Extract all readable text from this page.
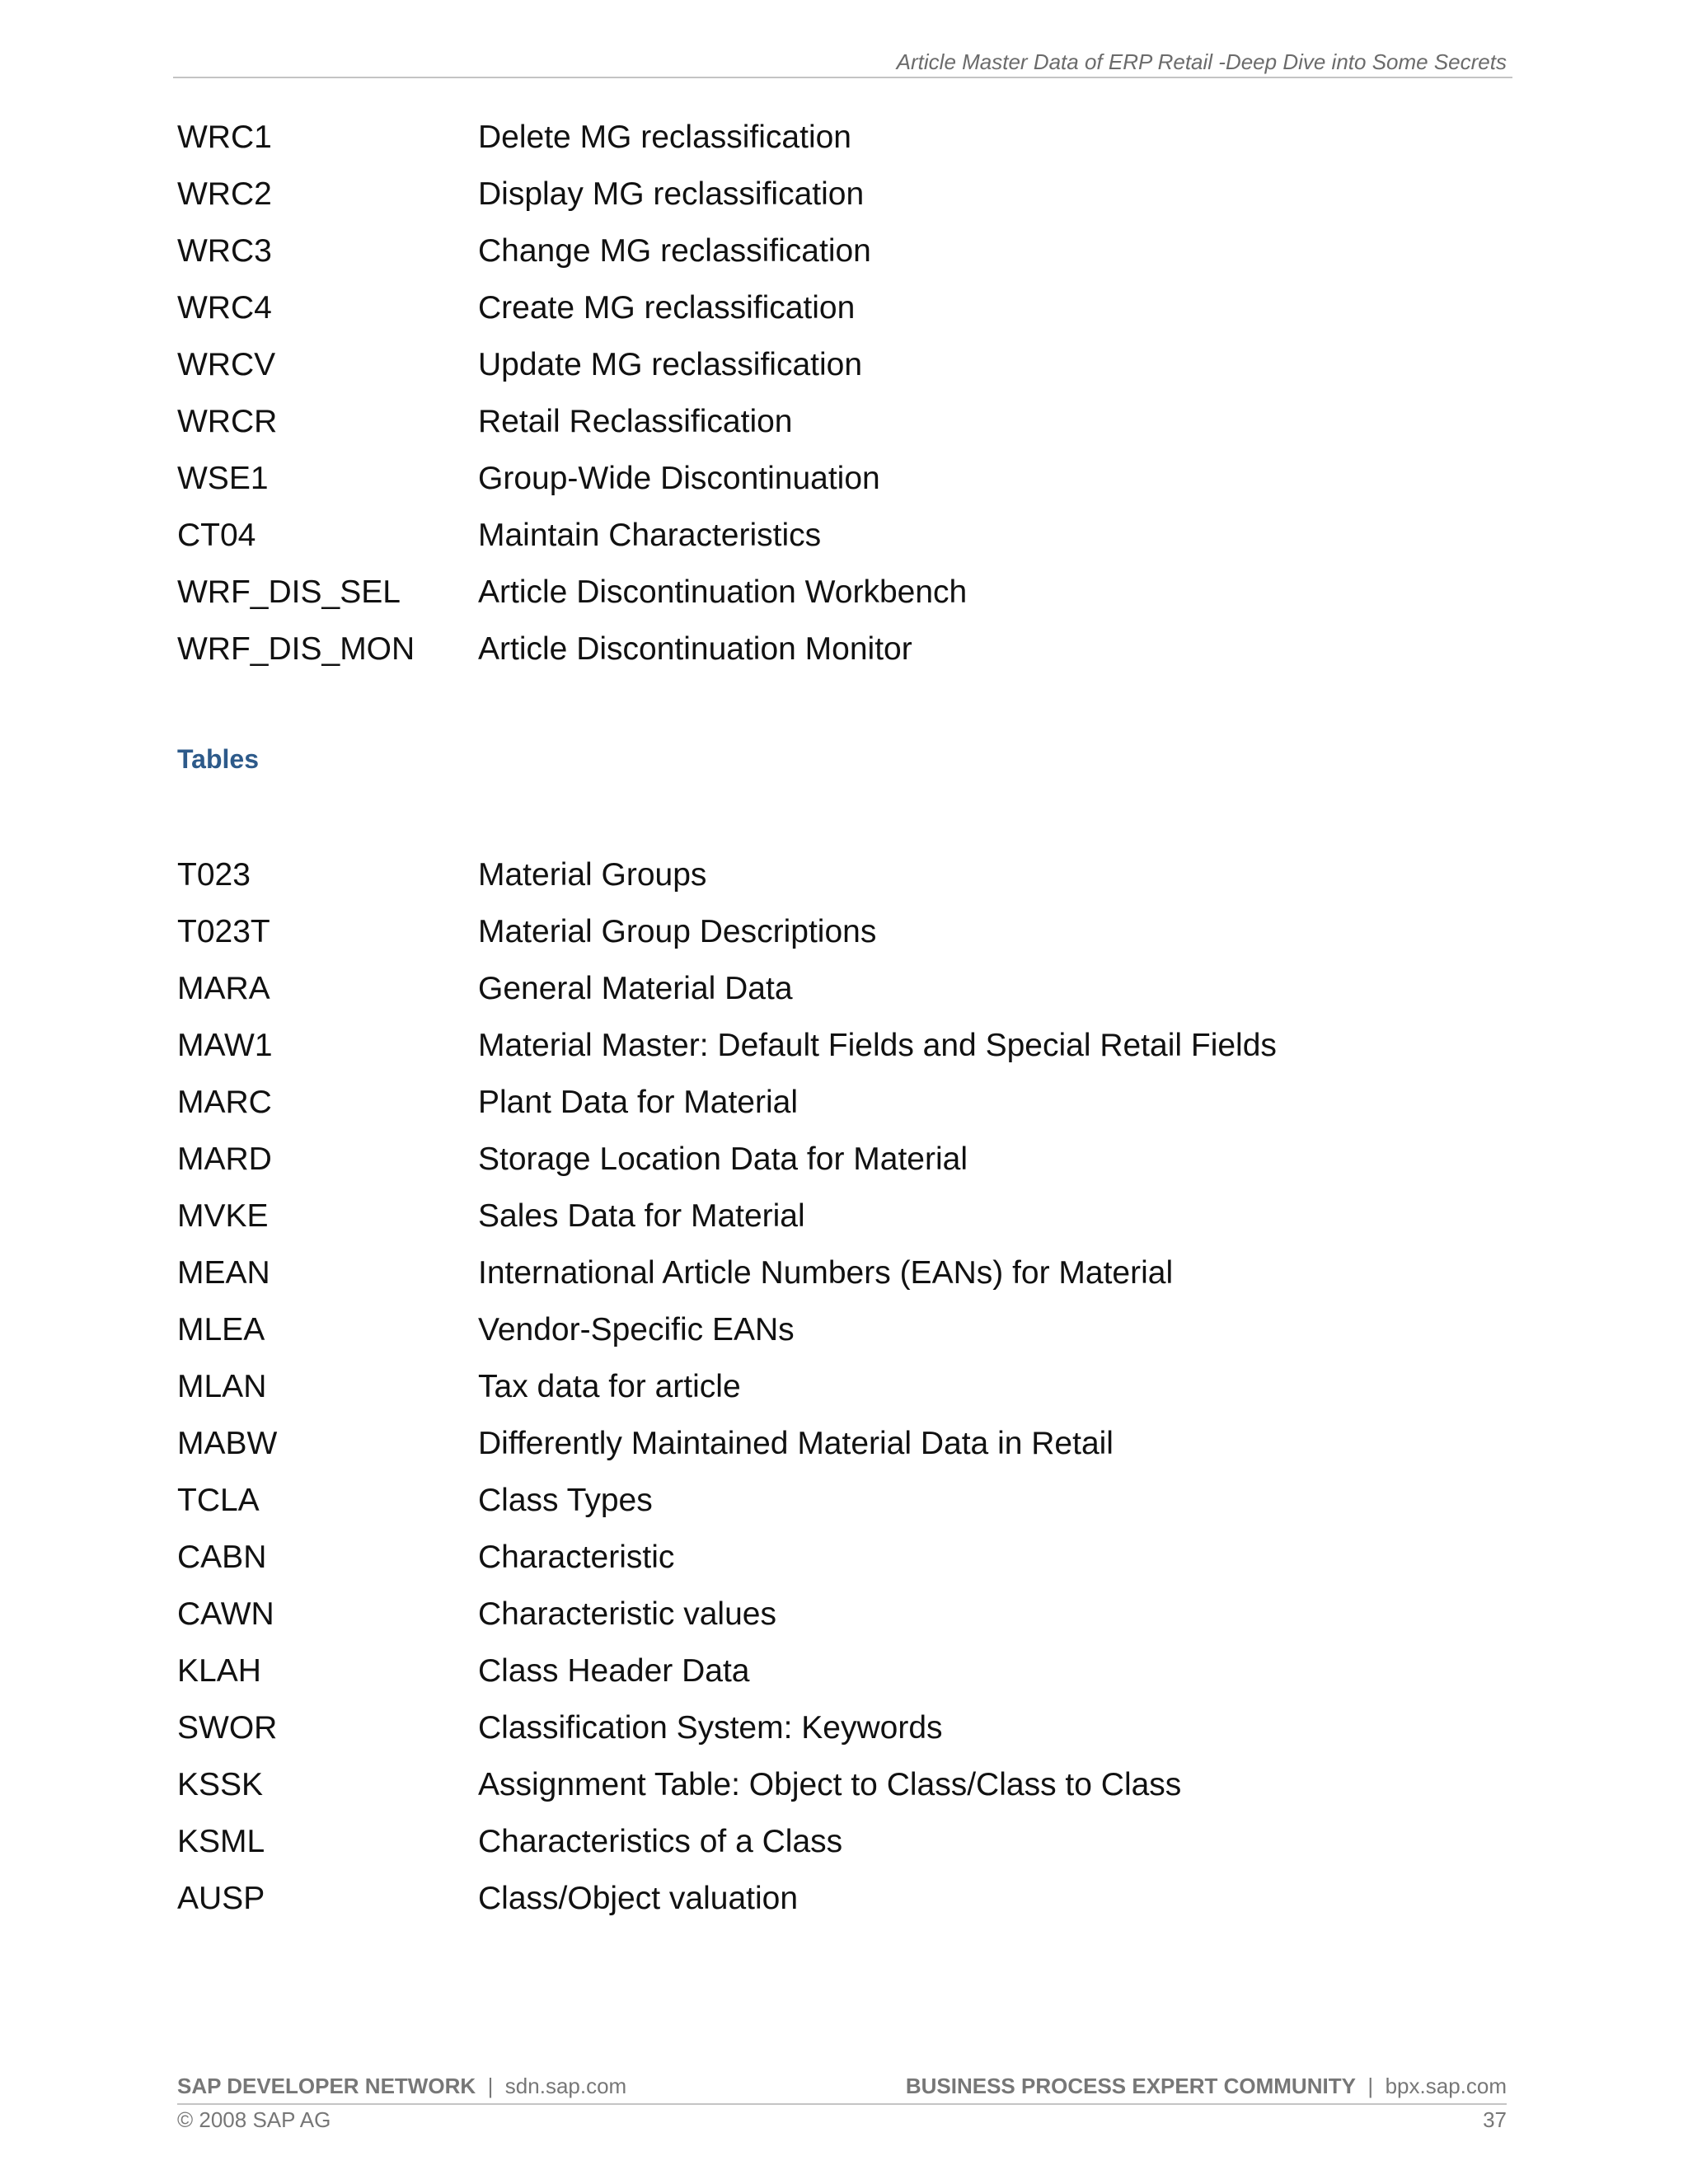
Article Master Data of ERP Retail -Deep Dive into Some Secrets
WRC1	Delete MG reclassification
WRC2	Display MG reclassification
WRC3	Change MG reclassification
WRC4	Create MG reclassification
WRCV	Update MG reclassification
WRCR	Retail Reclassification
WSE1	Group-Wide Discontinuation
CT04	Maintain Characteristics
WRF_DIS_SEL Article Discontinuation Workbench
WRF_DIS_MON Article Discontinuation Monitor
Tables
T023	Material Groups
T023T	Material Group Descriptions
MARA	General Material Data
MAW1	Material Master: Default Fields and Special Retail Fields
MARC	Plant Data for Material
MARD	Storage Location Data for Material
MVKE	Sales Data for Material
MEAN	International Article Numbers (EANs) for Material
MLEA	Vendor-Specific EANs
MLAN	Tax data for article
MABW	Differently Maintained Material Data in Retail
TCLA	Class Types
CABN	Characteristic
CAWN	Characteristic values
KLAH	Class Header Data
SWOR	Classification System: Keywords
KSSK	Assignment Table: Object to Class/Class to Class
KSML	Characteristics of a Class
AUSP	Class/Object valuation
SAP DEVELOPER NETWORK | sdn.sap.com	BUSINESS PROCESS EXPERT COMMUNITY | bpx.sap.com
© 2008 SAP AG	37
